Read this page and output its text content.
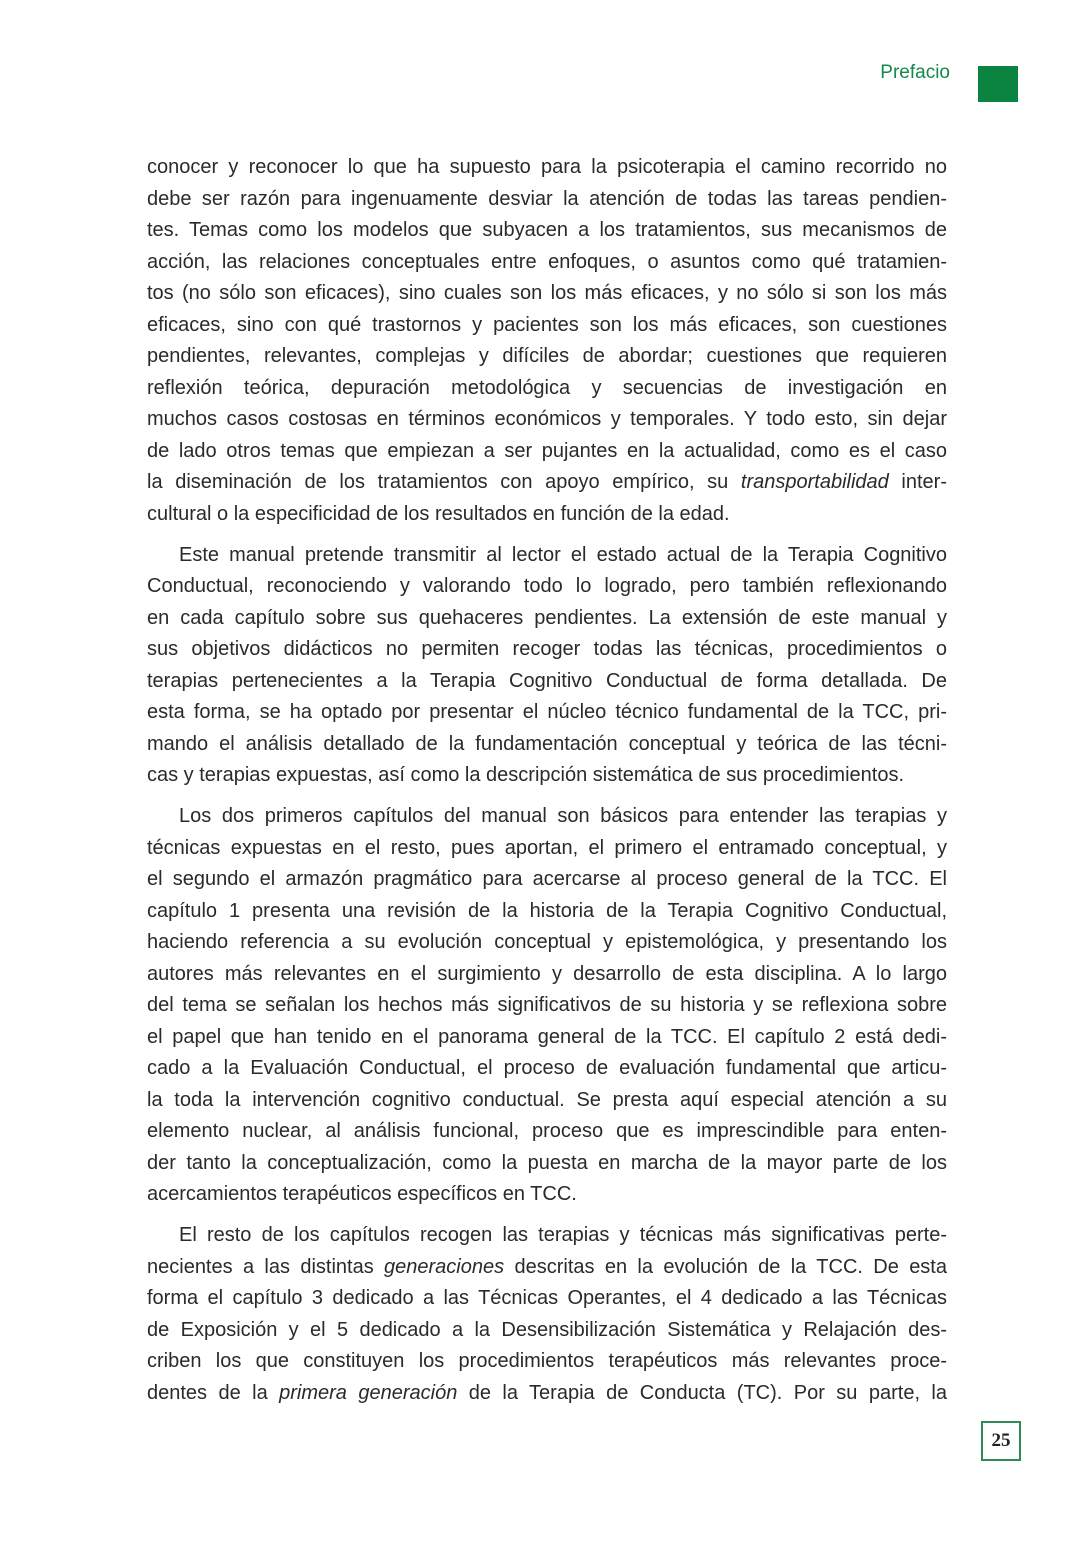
Prefacio
conocer y reconocer lo que ha supuesto para la psicoterapia el camino recorrido no
debe ser razón para ingenuamente desviar la atención de todas las tareas pendien-
tes. Temas como los modelos que subyacen a los tratamientos, sus mecanismos de
acción, las relaciones conceptuales entre enfoques, o asuntos como qué tratamien-
tos (no sólo son eficaces), sino cuales son los más eficaces, y no sólo si son los más
eficaces, sino con qué trastornos y pacientes son los más eficaces, son cuestiones
pendientes, relevantes, complejas y difíciles de abordar; cuestiones que requieren
reflexión teórica, depuración metodológica y secuencias de investigación en
muchos casos costosas en términos económicos y temporales. Y todo esto, sin dejar
de lado otros temas que empiezan a ser pujantes en la actualidad, como es el caso
la diseminación de los tratamientos con apoyo empírico, su transportabilidad inter-
cultural o la especificidad de los resultados en función de la edad.
Este manual pretende transmitir al lector el estado actual de la Terapia Cognitivo
Conductual, reconociendo y valorando todo lo logrado, pero también reflexionando
en cada capítulo sobre sus quehaceres pendientes. La extensión de este manual y
sus objetivos didácticos no permiten recoger todas las técnicas, procedimientos o
terapias pertenecientes a la Terapia Cognitivo Conductual de forma detallada. De
esta forma, se ha optado por presentar el núcleo técnico fundamental de la TCC, pri-
mando el análisis detallado de la fundamentación conceptual y teórica de las técni-
cas y terapias expuestas, así como la descripción sistemática de sus procedimientos.
Los dos primeros capítulos del manual son básicos para entender las terapias y
técnicas expuestas en el resto, pues aportan, el primero el entramado conceptual, y
el segundo el armazón pragmático para acercarse al proceso general de la TCC. El
capítulo 1 presenta una revisión de la historia de la Terapia Cognitivo Conductual,
haciendo referencia a su evolución conceptual y epistemológica, y presentando los
autores más relevantes en el surgimiento y desarrollo de esta disciplina. A lo largo
del tema se señalan los hechos más significativos de su historia y se reflexiona sobre
el papel que han tenido en el panorama general de la TCC. El capítulo 2 está dedi-
cado a la Evaluación Conductual, el proceso de evaluación fundamental que articu-
la toda la intervención cognitivo conductual. Se presta aquí especial atención a su
elemento nuclear, al análisis funcional, proceso que es imprescindible para enten-
der tanto la conceptualización, como la puesta en marcha de la mayor parte de los
acercamientos terapéuticos específicos en TCC.
El resto de los capítulos recogen las terapias y técnicas más significativas perte-
necientes a las distintas generaciones descritas en la evolución de la TCC. De esta
forma el capítulo 3 dedicado a las Técnicas Operantes, el 4 dedicado a las Técnicas
de Exposición y el 5 dedicado a la Desensibilización Sistemática y Relajación des-
criben los que constituyen los procedimientos terapéuticos más relevantes proce-
dentes de la primera generación de la Terapia de Conducta (TC). Por su parte, la
25
